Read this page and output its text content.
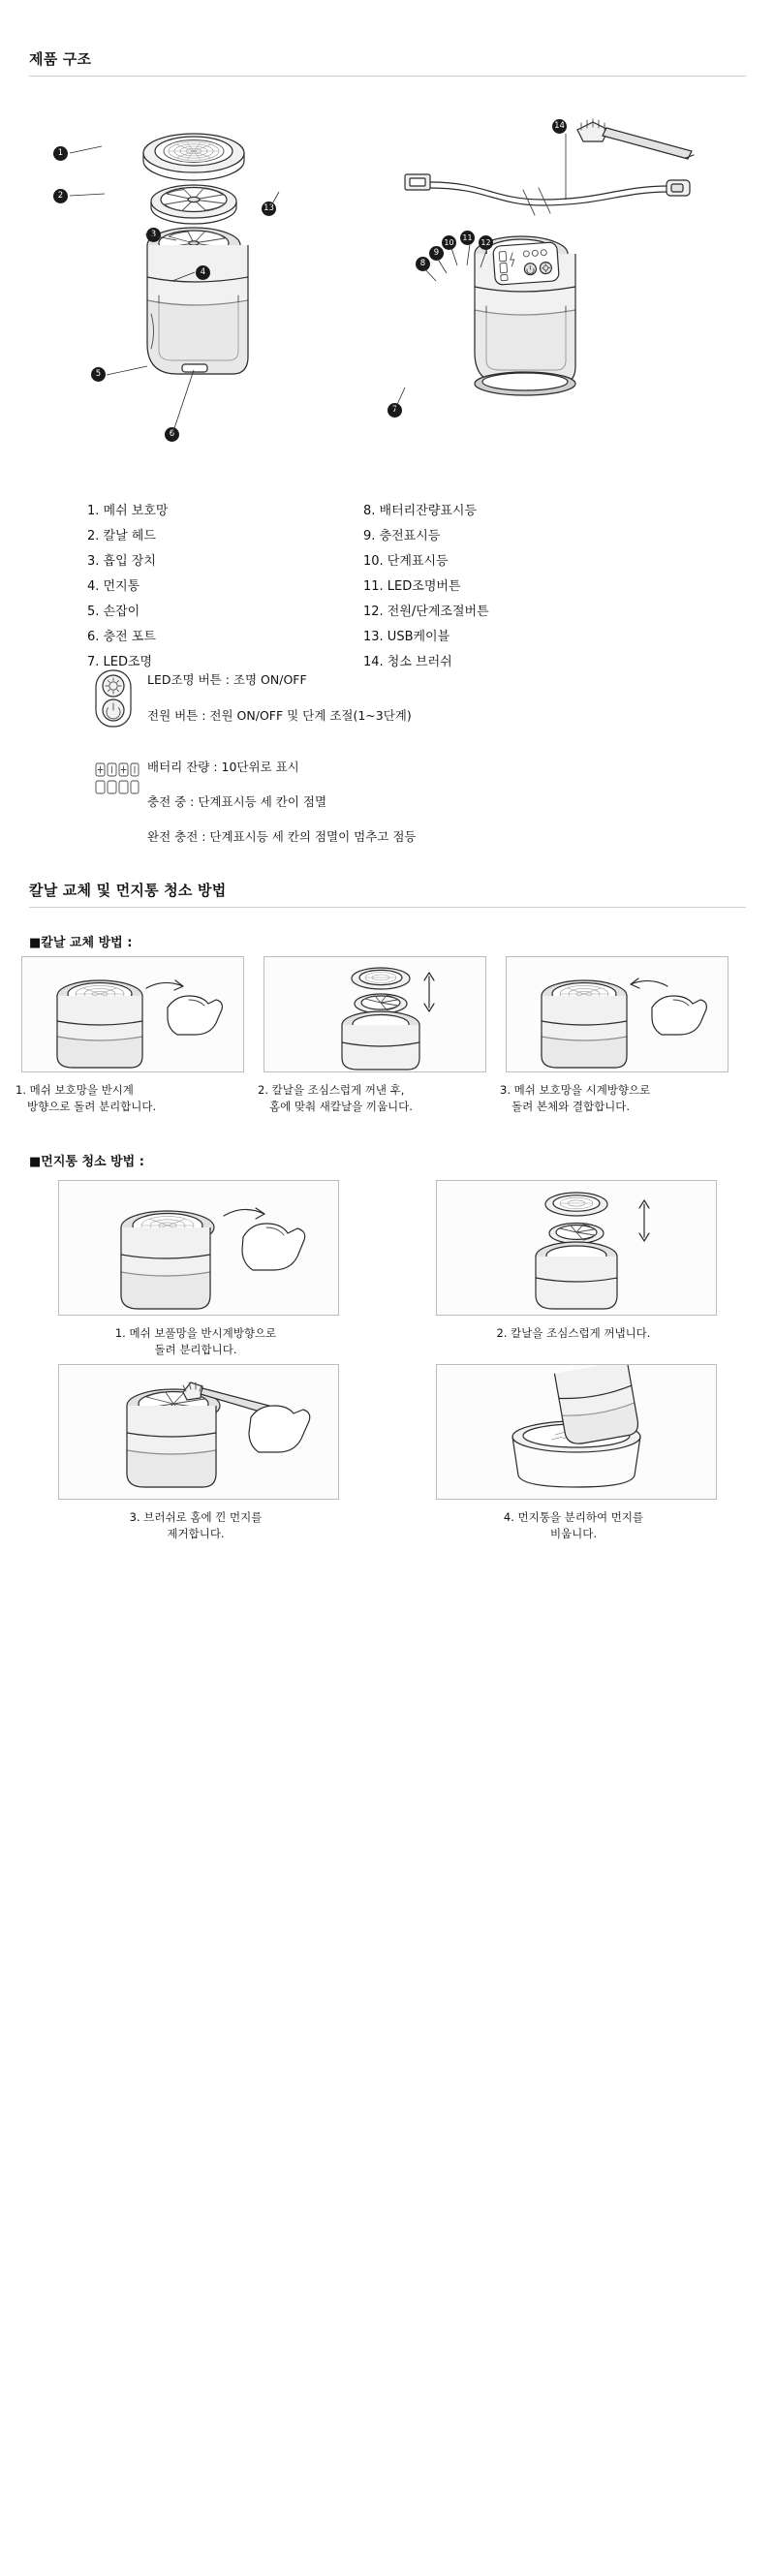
제품 구조
1
2
3
4
5
6
14
13
8
9
10
11
12
7
1. 메쉬 보호망
2. 칼날 헤드
3. 흡입 장치
4. 먼지통
5. 손잡이
6. 충전 포트
7. LED조명
8. 배터리잔량표시등
9. 충전표시등
10. 단계표시등
11. LED조명버튼
12. 전원/단계조절버튼
13. USB케이블
14. 청소 브러쉬
LED조명 버튼 : 조명 ON/OFF
전원 버튼 : 전원 ON/OFF 및 단계 조절(1~3단계)
배터리 잔량 : 10단위로 표시
충전 중 : 단계표시등 세 칸이 점멸
완전 충전 : 단계표시등 세 칸의 점멸이 멈추고 점등
칼날 교체 및 먼지통 청소 방법
■칼날 교체 방법 :
1. 메쉬 보호망을 반시계
방향으로 돌려 분리합니다.
2. 칼날을 조심스럽게 꺼낸 후,
홈에 맞춰 새칼날을 끼웁니다.
3. 메쉬 보호망을 시계방향으로
돌려 본체와 결합합니다.
■먼지통 청소 방법 :
1. 메쉬 보풀망을 반시계방향으로
돌려 분리합니다.
2. 칼날을 조심스럽게 꺼냅니다.
3. 브러쉬로 홈에 낀 먼지를
제거합니다.
4. 먼지통을 분리하여 먼지를
비웁니다.
